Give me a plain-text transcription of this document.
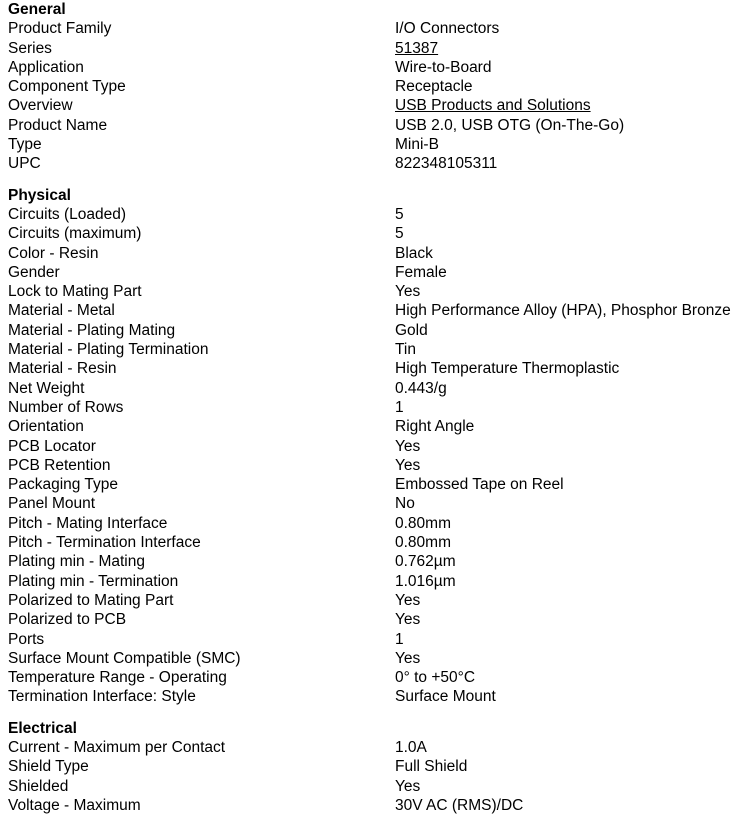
General
Product Family	I/O Connectors
Series	51387
Application	Wire-to-Board
Component Type	Receptacle
Overview	USB Products and Solutions
Product Name	USB 2.0, USB OTG (On-The-Go)
Type	Mini-B
UPC	822348105311
Physical
Circuits (Loaded)	5
Circuits (maximum)	5
Color - Resin	Black
Gender	Female
Lock to Mating Part	Yes
Material - Metal	High Performance Alloy (HPA), Phosphor Bronze
Material - Plating Mating	Gold
Material - Plating Termination	Tin
Material - Resin	High Temperature Thermoplastic
Net Weight	0.443/g
Number of Rows	1
Orientation	Right Angle
PCB Locator	Yes
PCB Retention	Yes
Packaging Type	Embossed Tape on Reel
Panel Mount	No
Pitch - Mating Interface	0.80mm
Pitch - Termination Interface	0.80mm
Plating min - Mating	0.762µm
Plating min - Termination	1.016µm
Polarized to Mating Part	Yes
Polarized to PCB	Yes
Ports	1
Surface Mount Compatible (SMC)	Yes
Temperature Range - Operating	0° to +50°C
Termination Interface: Style	Surface Mount
Electrical
Current - Maximum per Contact	1.0A
Shield Type	Full Shield
Shielded	Yes
Voltage - Maximum	30V AC (RMS)/DC
